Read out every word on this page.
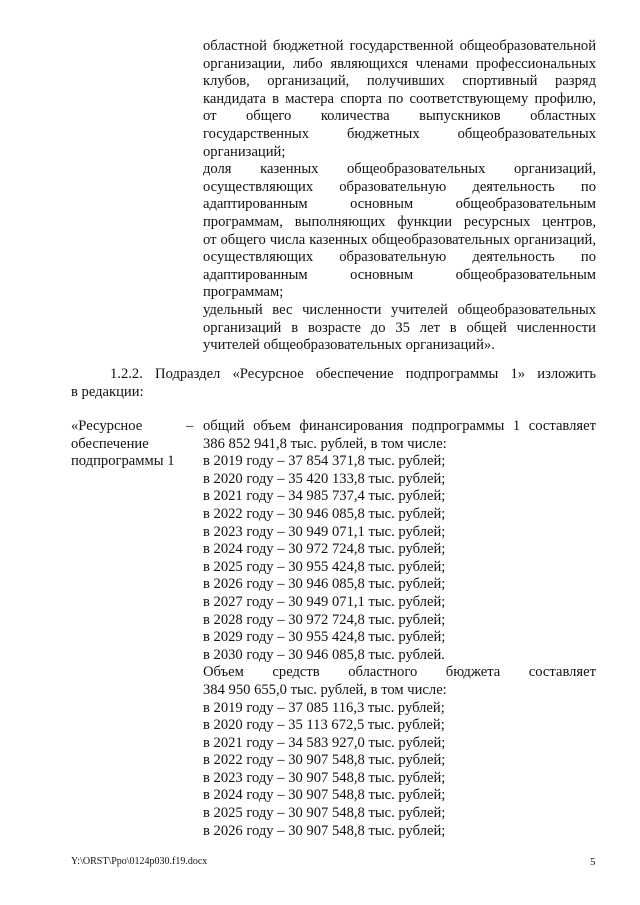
областной бюджетной государственной общеобразовательной
организации, либо являющихся членами профессиональных
клубов, организаций, получивших спортивный разряд
кандидата в мастера спорта по соответствующему профилю,
от общего количества выпускников областных
государственных бюджетных общеобразовательных
организаций;
доля казенных общеобразовательных организаций,
осуществляющих образовательную деятельность по
адаптированным основным общеобразовательным
программам, выполняющих функции ресурсных центров,
от общего числа казенных общеобразовательных организаций,
осуществляющих образовательную деятельность по
адаптированным основным общеобразовательным
программам;
удельный вес численности учителей общеобразовательных
организаций в возрасте до 35 лет в общей численности
учителей общеобразовательных организаций».
1.2.2. Подраздел «Ресурсное обеспечение подпрограммы 1» изложить
в редакции:
«Ресурсное
обеспечение
подпрограммы 1
– общий объем финансирования подпрограммы 1 составляет
386 852 941,8 тыс. рублей, в том числе:
в 2019 году – 37 854 371,8 тыс. рублей;
в 2020 году – 35 420 133,8 тыс. рублей;
в 2021 году – 34 985 737,4 тыс. рублей;
в 2022 году – 30 946 085,8 тыс. рублей;
в 2023 году – 30 949 071,1 тыс. рублей;
в 2024 году – 30 972 724,8 тыс. рублей;
в 2025 году – 30 955 424,8 тыс. рублей;
в 2026 году – 30 946 085,8 тыс. рублей;
в 2027 году – 30 949 071,1 тыс. рублей;
в 2028 году – 30 972 724,8 тыс. рублей;
в 2029 году – 30 955 424,8 тыс. рублей;
в 2030 году – 30 946 085,8 тыс. рублей.
Объем средств областного бюджета составляет
384 950 655,0 тыс. рублей, в том числе:
в 2019 году – 37 085 116,3 тыс. рублей;
в 2020 году – 35 113 672,5 тыс. рублей;
в 2021 году – 34 583 927,0 тыс. рублей;
в 2022 году – 30 907 548,8 тыс. рублей;
в 2023 году – 30 907 548,8 тыс. рублей;
в 2024 году – 30 907 548,8 тыс. рублей;
в 2025 году – 30 907 548,8 тыс. рублей;
в 2026 году – 30 907 548,8 тыс. рублей;
Y:\ORST\Ppo\0124p030.f19.docx	5
